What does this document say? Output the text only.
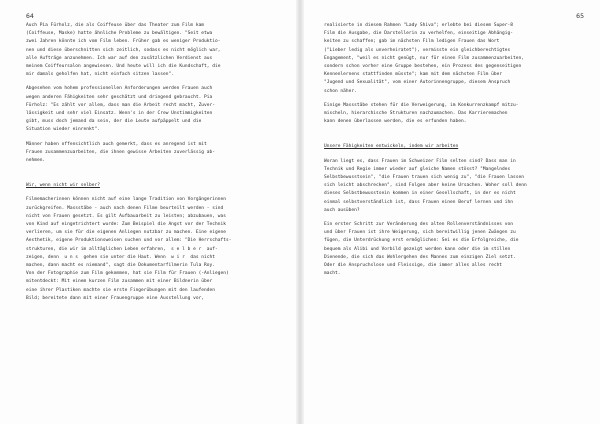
64
Auch Pia Fürholz, die als Coiffeuse über das Theater zum Film kam
(Coiffeuse, Maske) hatte ähnliche Probleme zu bewältigen. "Seit etwa
zwei Jahren könnte ich vom Film leben. Früher gab es weniger Produktio-
nen und diese überschnitten sich zeitlich, sodass es nicht möglich war,
alle Aufträge anzunehmen. Ich war auf den zusätzlichen Verdienst aus
meinem Coiffeursalon angewiesen. Und heute will ich die Kundschaft, die
mir damals geholfen hat, nicht einfach sitzen lassen".
Abgesehen vom hohem professionellen Anforderungen werden Frauen auch
wegen anderen Fähigkeiten sehr geschätzt und dringend gebraucht. Pia
Fürholz: "Es zählt vor allem, dass man die Arbeit recht macht, Zuver-
lässigkeit und sehr viel Einsatz. Wenn's in der Crew Unstimmigkeiten
gibt, muss doch jemand da sein, der die Leute aufpäppelt und die
Situation wieder einrenkt".
Männer haben offensichtlich auch gemerkt, dass es anregend ist mit
Frauen zusammenzuarbeiten, die ihnen gewisse Arbeiten zuverlässig ab-
nehmen.
Wir, wenn nicht wir selber?
Filmemacherinnen können nicht auf eine lange Tradition von Vorgängerinnen
zurückgreifen. Massstäbe - auch nach denen Filme beurteilt werden - sind
nicht von Frauen gesetzt. Es gilt Aufbauarbeit zu leisten; abzubauen, was
von Kind auf eingetrichtert wurde: Zum Beispiel die Angst vor der Technik
verlieren, um sie für die eigenen Anliegen nutzbar zu machen. Eine eigene
Aesthetik, eigene Produktionsweisen suchen und vor allem: "Die Herrschafts-
strukturen, die wir im alltäglichen Leben erfahren,  s e l b e r  auf-
zeigen, denn  u n s  gehen sie unter die Haut. Wenn  w i r  das nicht
machen, dann macht es niemand", sagt die Dokumentarfilmerin Tula Roy.
Von der Fotographie zum Film gekommen, hat sie Film für Frauen (-Anliegen)
mitentdeckt: Mit einem kurzen Film zusammen mit einer Bildnerin über
eine ihrer Plastiken machte sie erste Fingerübungen mit den laufenden
Bild; bereitete dann mit einer Frauengruppe eine Ausstellung vor,
65
realisierte in diesem Rahmen "Lady Shiva"; erlebte bei diesem Super-8
Film die Ausgabe, die Darstellerin zu verhelfen, einseitige Abhängig-
keiten zu schaffen; gab im nächsten Film ledigen Frauen das Wort
("Lieber ledig als unverheiratet"), vermisste ein gleichberechtigtes
Engagement, "weil es nicht genügt, nur für einen Film zusammenzuarbeiten,
sondern schon vorher eine Gruppe bestehen, ein Prozess des gegenseitigen
Kennenlernens stattfinden müsste"; kam mit dem nächsten Film über
"Jugend und Sexualität", vom einer Autorinnengruppe, diesem Anspruch
schon näher.
Einige Massstäbe stehen für die Verweigerung, im Konkurrenzkampf mitzu-
mischeln, hierarchische Strukturen nachzumachen. Das Karrieremachen
kann denen überlassen werden, die es erfunden haben.
Unsere Fähigkeiten entwickeln, indem wir arbeiten
Woran liegt es, dass Frauen im Schweizer Film selten sind? Dass man in
Technik und Regie immer wieder auf gleiche Namen stösst? "Mangelndes
Selbstbewusstsein", "die Frauen trauen sich wenig zu", "die Frauen lassen
sich leicht abschrecken", sind Folgen aber keine Ursachen. Woher soll denn
dieses Selbstbewusstsein kommen in einer Gesellschaft, in der es nicht
einmal selbstverständlich ist, dass Frauen einen Beruf lernen und ihn
auch ausüben?
Ein erster Schritt zur Veränderung des alten Rollenverständnisses von
und über Frauen ist ihre Weigerung, sich bereitwillig jenen Zwängen zu
fügen, die Unterdrückung erst ermöglichen: Sei es die Erfolgreiche, die
bequem als Alibi und Vorbild gezeigt werden kann oder die im stillen
Dienende, die sich das Wohlergehen des Mannes zum einzigen Ziel setzt.
Oder die Anspruchslose und Fleissige, die immer alles alles recht
macht.
